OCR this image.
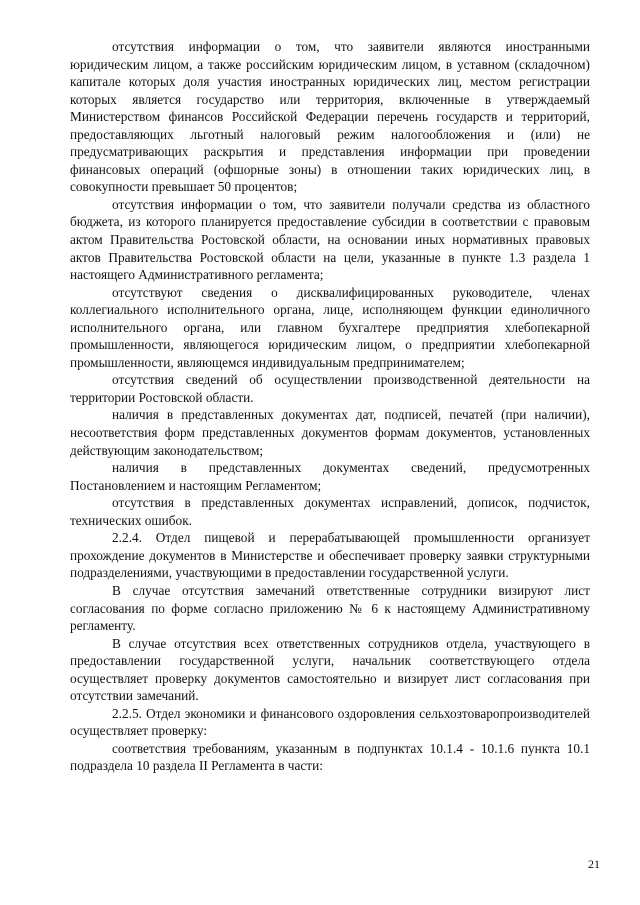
отсутствия информации о том, что заявители являются иностранными юридическим лицом, а также российским юридическим лицом, в уставном (складочном) капитале которых доля участия иностранных юридических лиц, местом регистрации которых является государство или территория, включенные в утверждаемый Министерством финансов Российской Федерации перечень государств и территорий, предоставляющих льготный налоговый режим налогообложения и (или) не предусматривающих раскрытия и представления информации при проведении финансовых операций (офшорные зоны) в отношении таких юридических лиц, в совокупности превышает 50 процентов;

отсутствия информации о том, что заявители получали средства из областного бюджета, из которого планируется предоставление субсидии в соответствии с правовым актом Правительства Ростовской области, на основании иных нормативных правовых актов Правительства Ростовской области на цели, указанные в пункте 1.3 раздела 1 настоящего Административного регламента;

отсутствуют сведения о дисквалифицированных руководителе, членах коллегиального исполнительного органа, лице, исполняющем функции единоличного исполнительного органа, или главном бухгалтере предприятия хлебопекарной промышленности, являющегося юридическим лицом, о предприятии хлебопекарной промышленности, являющемся индивидуальным предпринимателем;

отсутствия сведений об осуществлении производственной деятельности на территории Ростовской области.

наличия в представленных документах дат, подписей, печатей (при наличии), несоответствия форм представленных документов формам документов, установленных действующим законодательством;

наличия в представленных документах сведений, предусмотренных Постановлением и настоящим Регламентом;

отсутствия в представленных документах исправлений, дописок, подчисток, технических ошибок.

2.2.4. Отдел пищевой и перерабатывающей промышленности организует прохождение документов в Министерстве и обеспечивает проверку заявки структурными подразделениями, участвующими в предоставлении государственной услуги.

В случае отсутствия замечаний ответственные сотрудники визируют лист согласования по форме согласно приложению № 6 к настоящему Административному регламенту.

В случае отсутствия всех ответственных сотрудников отдела, участвующего в предоставлении государственной услуги, начальник соответствующего отдела осуществляет проверку документов самостоятельно и визирует лист согласования при отсутствии замечаний.

2.2.5. Отдел экономики и финансового оздоровления сельхозтоваропроизводителей осуществляет проверку:

соответствия требованиям, указанным в подпунктах 10.1.4 - 10.1.6 пункта 10.1 подраздела 10 раздела II Регламента в части:

21
